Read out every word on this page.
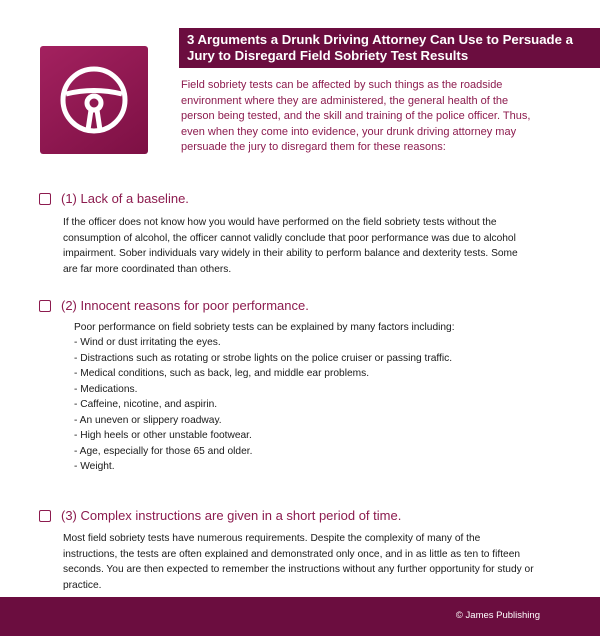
3 Arguments a Drunk Driving Attorney Can Use to Persuade a Jury to Disregard Field Sobriety Test Results

Field sobriety tests can be affected by such things as the roadside environment where they are administered, the general health of the person being tested, and the skill and training of the police officer. Thus, even when they come into evidence, your drunk driving attorney may persuade the jury to disregard them for these reasons:

(1) Lack of a baseline.

If the officer does not know how you would have performed on the field sobriety tests without the consumption of alcohol, the officer cannot validly conclude that poor performance was due to alcohol impairment. Sober individuals vary widely in their ability to perform balance and dexterity tests. Some are far more coordinated than others.

(2) Innocent reasons for poor performance.

Poor performance on field sobriety tests can be explained by many factors including:

- Wind or dust irritating the eyes.
- Distractions such as rotating or strobe lights on the police cruiser or passing traffic.
- Medical conditions, such as back, leg, and middle ear problems.
- Medications.
- Caffeine, nicotine, and aspirin.
- An uneven or slippery roadway.
- High heels or other unstable footwear.
- Age, especially for those 65 and older.
- Weight.
(3) Complex instructions are given in a short period of time.

Most field sobriety tests have numerous requirements. Despite the complexity of many of the instructions, the tests are often explained and demonstrated only once, and in as little as ten to fifteen seconds. You are then expected to remember the instructions without any further opportunity for study or practice.

© James Publishing
